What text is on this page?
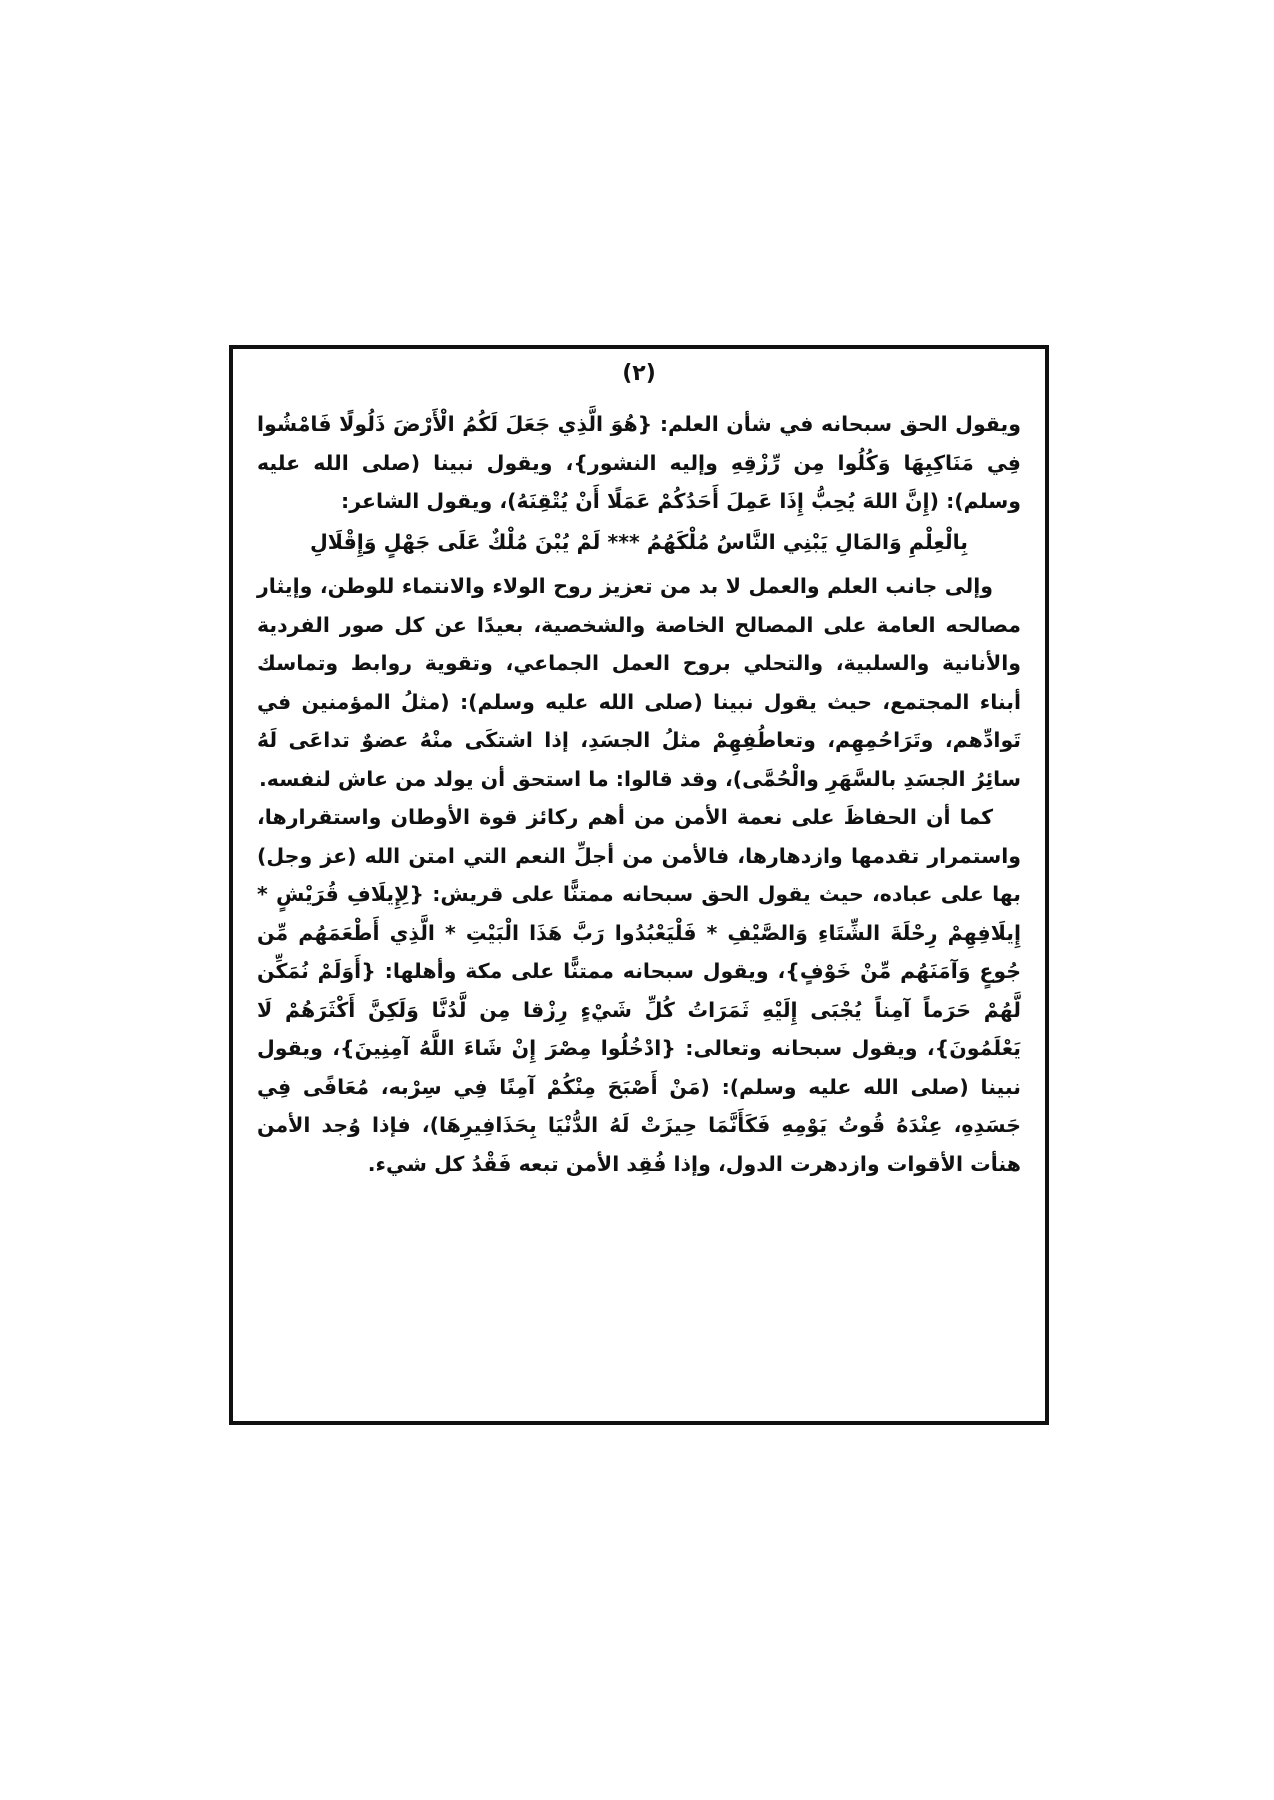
(٢)

ويقول الحق سبحانه في شأن العلم: {هُوَ الَّذِي جَعَلَ لَكُمُ الْأَرْضَ ذَلُولًا فَامْشُوا فِي مَنَاكِبِهَا وَكُلُوا مِن رِّزْقِهِ وإليه النشور}، ويقول نبينا (صلى الله عليه وسلم): (إِنَّ اللهَ يُحِبُّ إِذَا عَمِلَ أَحَدُكُمْ عَمَلًا أَنْ يُتْقِنَهُ)، ويقول الشاعر:

بِالْعِلْمِ وَالمَالِ يَبْنِي النَّاسُ مُلْكَهُمُ *** لَمْ يُبْنَ مُلْكٌ عَلَى جَهْلٍ وَإِقْلَالِ

وإلى جانب العلم والعمل لا بد من تعزيز روح الولاء والانتماء للوطن، وإيثار مصالحه العامة على المصالح الخاصة والشخصية، بعيدًا عن كل صور الفردية والأنانية والسلبية، والتحلي بروح العمل الجماعي، وتقوية روابط وتماسك أبناء المجتمع، حيث يقول نبينا (صلى الله عليه وسلم): (مثلُ المؤمنين في تَوادِّهم، وتَرَاحُمِهِم، وتعاطُفِهِمْ مثلُ الجسَدِ، إذا اشتكَى منْهُ عضوٌ تداعَى لَهُ سائِرُ الجسَدِ بالسَّهَرِ والْحُمَّى)، وقد قالوا: ما استحق أن يولد من عاش لنفسه.

كما أن الحفاظَ على نعمة الأمن من أهم ركائز قوة الأوطان واستقرارها، واستمرار تقدمها وازدهارها، فالأمن من أجلِّ النعم التي امتن الله (عز وجل) بها على عباده، حيث يقول الحق سبحانه ممتنًّا على قريش: {لِإِيلَافِ قُرَيْشٍ * إِيلَافِهِمْ رِحْلَةَ الشِّتَاءِ وَالصَّيْفِ * فَلْيَعْبُدُوا رَبَّ هَذَا الْبَيْتِ * الَّذِي أَطْعَمَهُم مِّن جُوعٍ وَآمَنَهُم مِّنْ خَوْفٍ}، ويقول سبحانه ممتنًّا على مكة وأهلها: {أَوَلَمْ نُمَكِّن لَّهُمْ حَرَماً آمِناً يُجْبَى إِلَيْهِ ثَمَرَاتُ كُلِّ شَيْءٍ رِزْقا مِن لَّدُنَّا وَلَكِنَّ أَكْثَرَهُمْ لَا يَعْلَمُونَ}، ويقول سبحانه وتعالى: {ادْخُلُوا مِصْرَ إِنْ شَاءَ اللَّهُ آمِنِينَ}، ويقول نبينا (صلى الله عليه وسلم): (مَنْ أَصْبَحَ مِنْكُمْ آمِنًا فِي سِرْبه، مُعَافًى فِي جَسَدِهِ، عِنْدَهُ قُوتُ يَوْمِهِ فَكَأَنَّمَا حِيزَتْ لَهُ الدُّنْيَا بِحَذَافِيرِهَا)، فإذا وُجد الأمن هنأت الأقوات وازدهرت الدول، وإذا فُقِد الأمن تبعه فَقْدُ كل شيء.
